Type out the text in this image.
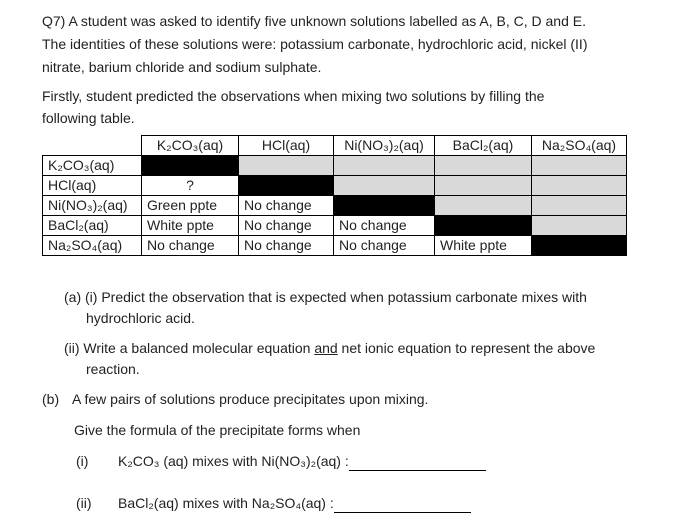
Q7) A student was asked to identify five unknown solutions labelled as A, B, C, D and E.
The identities of these solutions were: potassium carbonate, hydrochloric acid, nickel (II)
nitrate, barium chloride and sodium sulphate.
Firstly, student predicted the observations when mixing two solutions by filling the
following table.
	K₂CO₃(aq)	HCl(aq)	Ni(NO₃)₂(aq)	BaCl₂(aq)	Na₂SO₄(aq)
K₂CO₃(aq)					
HCl(aq)	?				
Ni(NO₃)₂(aq)	Green ppte	No change			
BaCl₂(aq)	White ppte	No change	No change		
Na₂SO₄(aq)	No change	No change	No change	White ppte	
(a) (i) Predict the observation that is expected when potassium carbonate mixes with
hydrochloric acid.
(ii) Write a balanced molecular equation and net ionic equation to represent the above
reaction.
(b) A few pairs of solutions produce precipitates upon mixing.
Give the formula of the precipitate forms when
(i) K₂CO₃ (aq) mixes with Ni(NO₃)₂(aq) :
(ii) BaCl₂(aq) mixes with Na₂SO₄(aq) :
